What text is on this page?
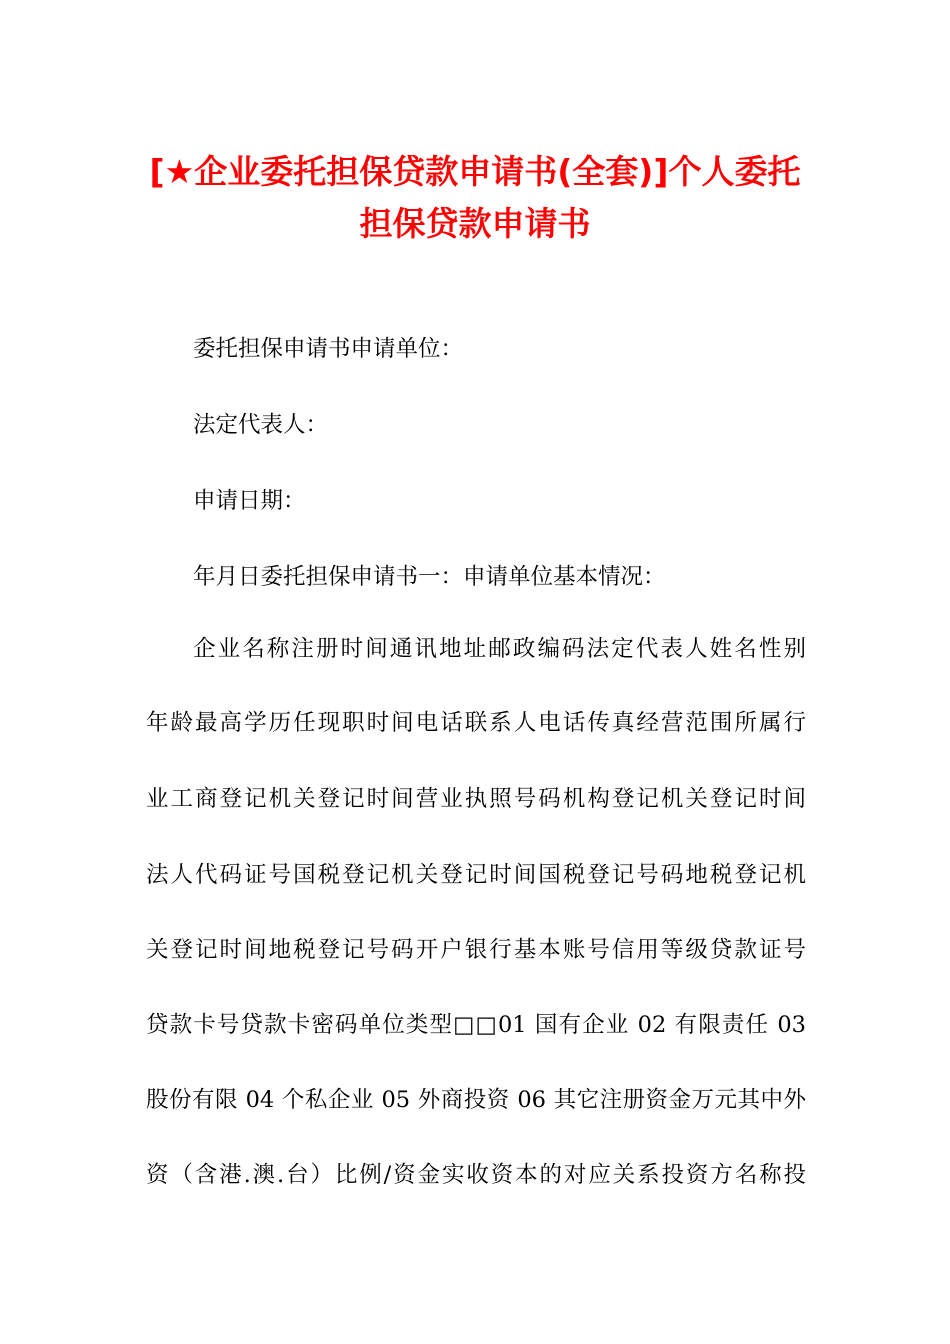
[★企业委托担保贷款申请书(全套)]个人委托
担保贷款申请书

委托担保申请书申请单位：

法定代表人：

申请日期：

年月日委托担保申请书一：申请单位基本情况：

企业名称注册时间通讯地址邮政编码法定代表人姓名性别
年龄最高学历任现职时间电话联系人电话传真经营范围所属行
业工商登记机关登记时间营业执照号码机构登记机关登记时间
法人代码证号国税登记机关登记时间国税登记号码地税登记机
关登记时间地税登记号码开户银行基本账号信用等级贷款证号
贷款卡号贷款卡密码单位类型□□01 国有企业 02 有限责任 03
股份有限 04 个私企业 05 外商投资 06 其它注册资金万元其中外
资（含港.澳.台）比例/资金实收资本的对应关系投资方名称投
